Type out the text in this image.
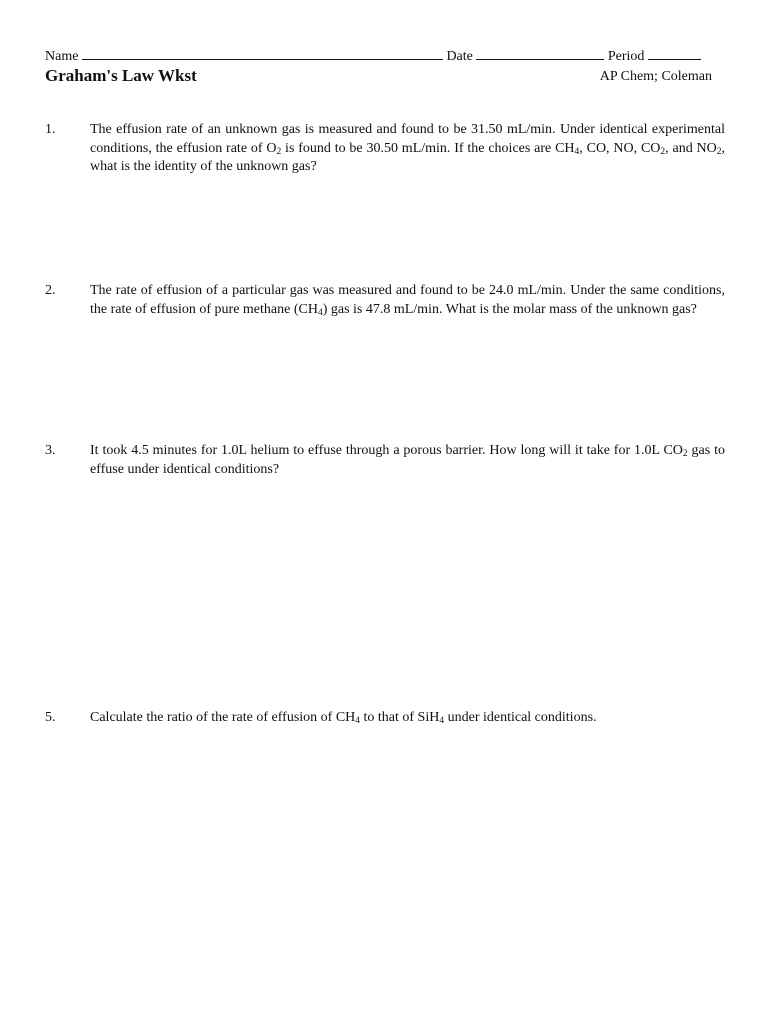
Name	Date	Period
Graham's Law Wkst	AP Chem; Coleman
1. The effusion rate of an unknown gas is measured and found to be 31.50 mL/min. Under identical experimental conditions, the effusion rate of $O_2$ is found to be 30.50 mL/min. If the choices are $CH_4$, CO, NO, $CO_2$, and $NO_2$, what is the identity of the unknown gas?
2. The rate of effusion of a particular gas was measured and found to be 24.0 mL/min. Under the same conditions, the rate of effusion of pure methane $(CH_4)$ gas is 47.8 mL/min. What is the molar mass of the unknown gas?
3. It took 4.5 minutes for 1.0L helium to effuse through a porous barrier. How long will it take for 1.0L $CO_2$ gas to effuse under identical conditions?
5. Calculate the ratio of the rate of effusion of $CH_4$ to that of SiH$_4$ under identical conditions.
